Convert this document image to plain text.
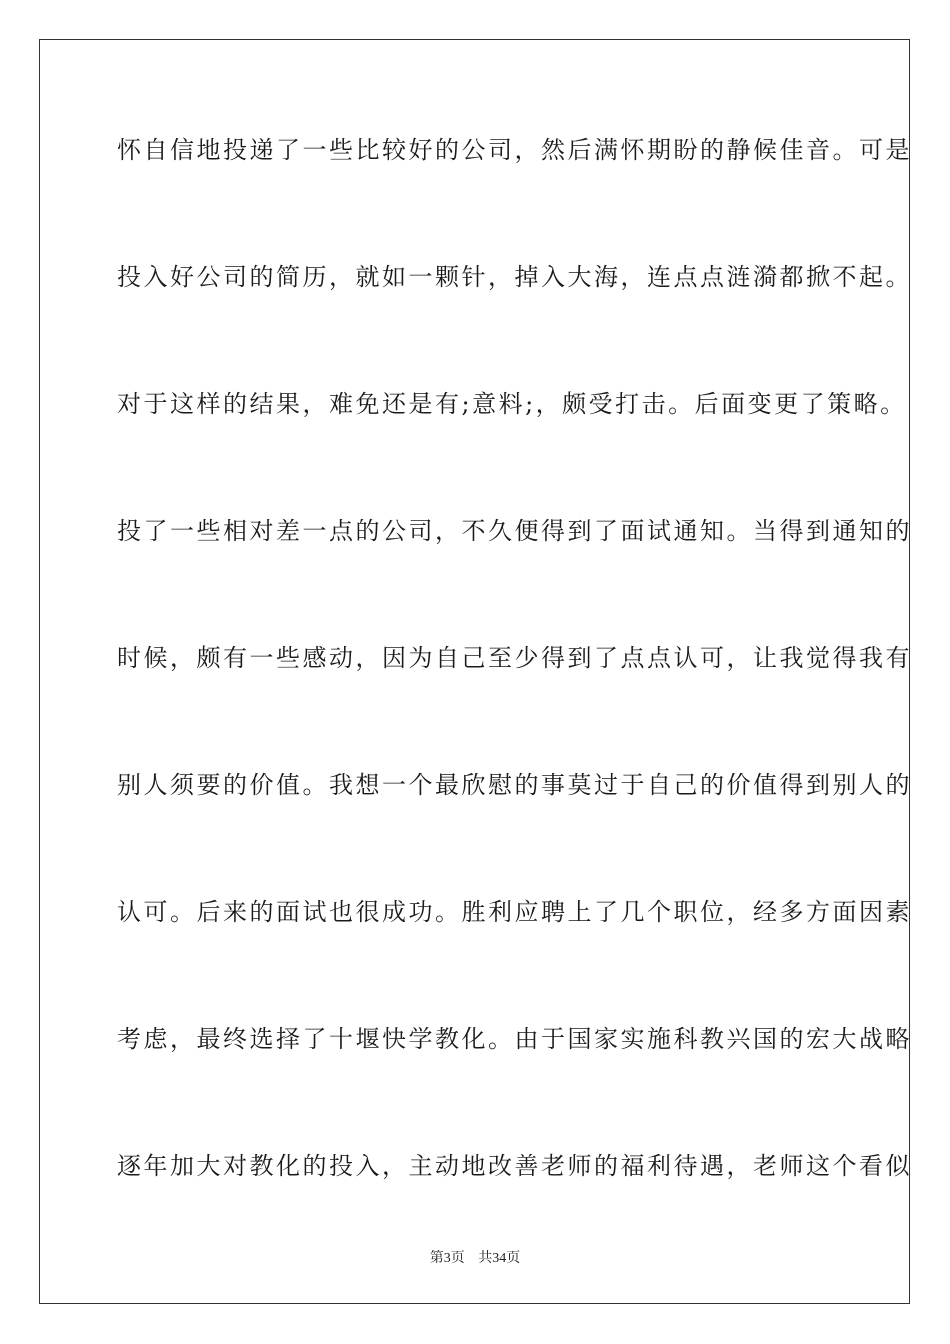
怀自信地投递了一些比较好的公司，然后满怀期盼的静候佳音。可是
投入好公司的简历，就如一颗针，掉入大海，连点点涟漪都掀不起。
对于这样的结果，难免还是有;意料;，颇受打击。后面变更了策略。
投了一些相对差一点的公司，不久便得到了面试通知。当得到通知的
时候，颇有一些感动，因为自己至少得到了点点认可，让我觉得我有
别人须要的价值。我想一个最欣慰的事莫过于自己的价值得到别人的
认可。后来的面试也很成功。胜利应聘上了几个职位，经多方面因素
考虑，最终选择了十堰快学教化。由于国家实施科教兴国的宏大战略
逐年加大对教化的投入，主动地改善老师的福利待遇，老师这个看似
第3页 共34页
